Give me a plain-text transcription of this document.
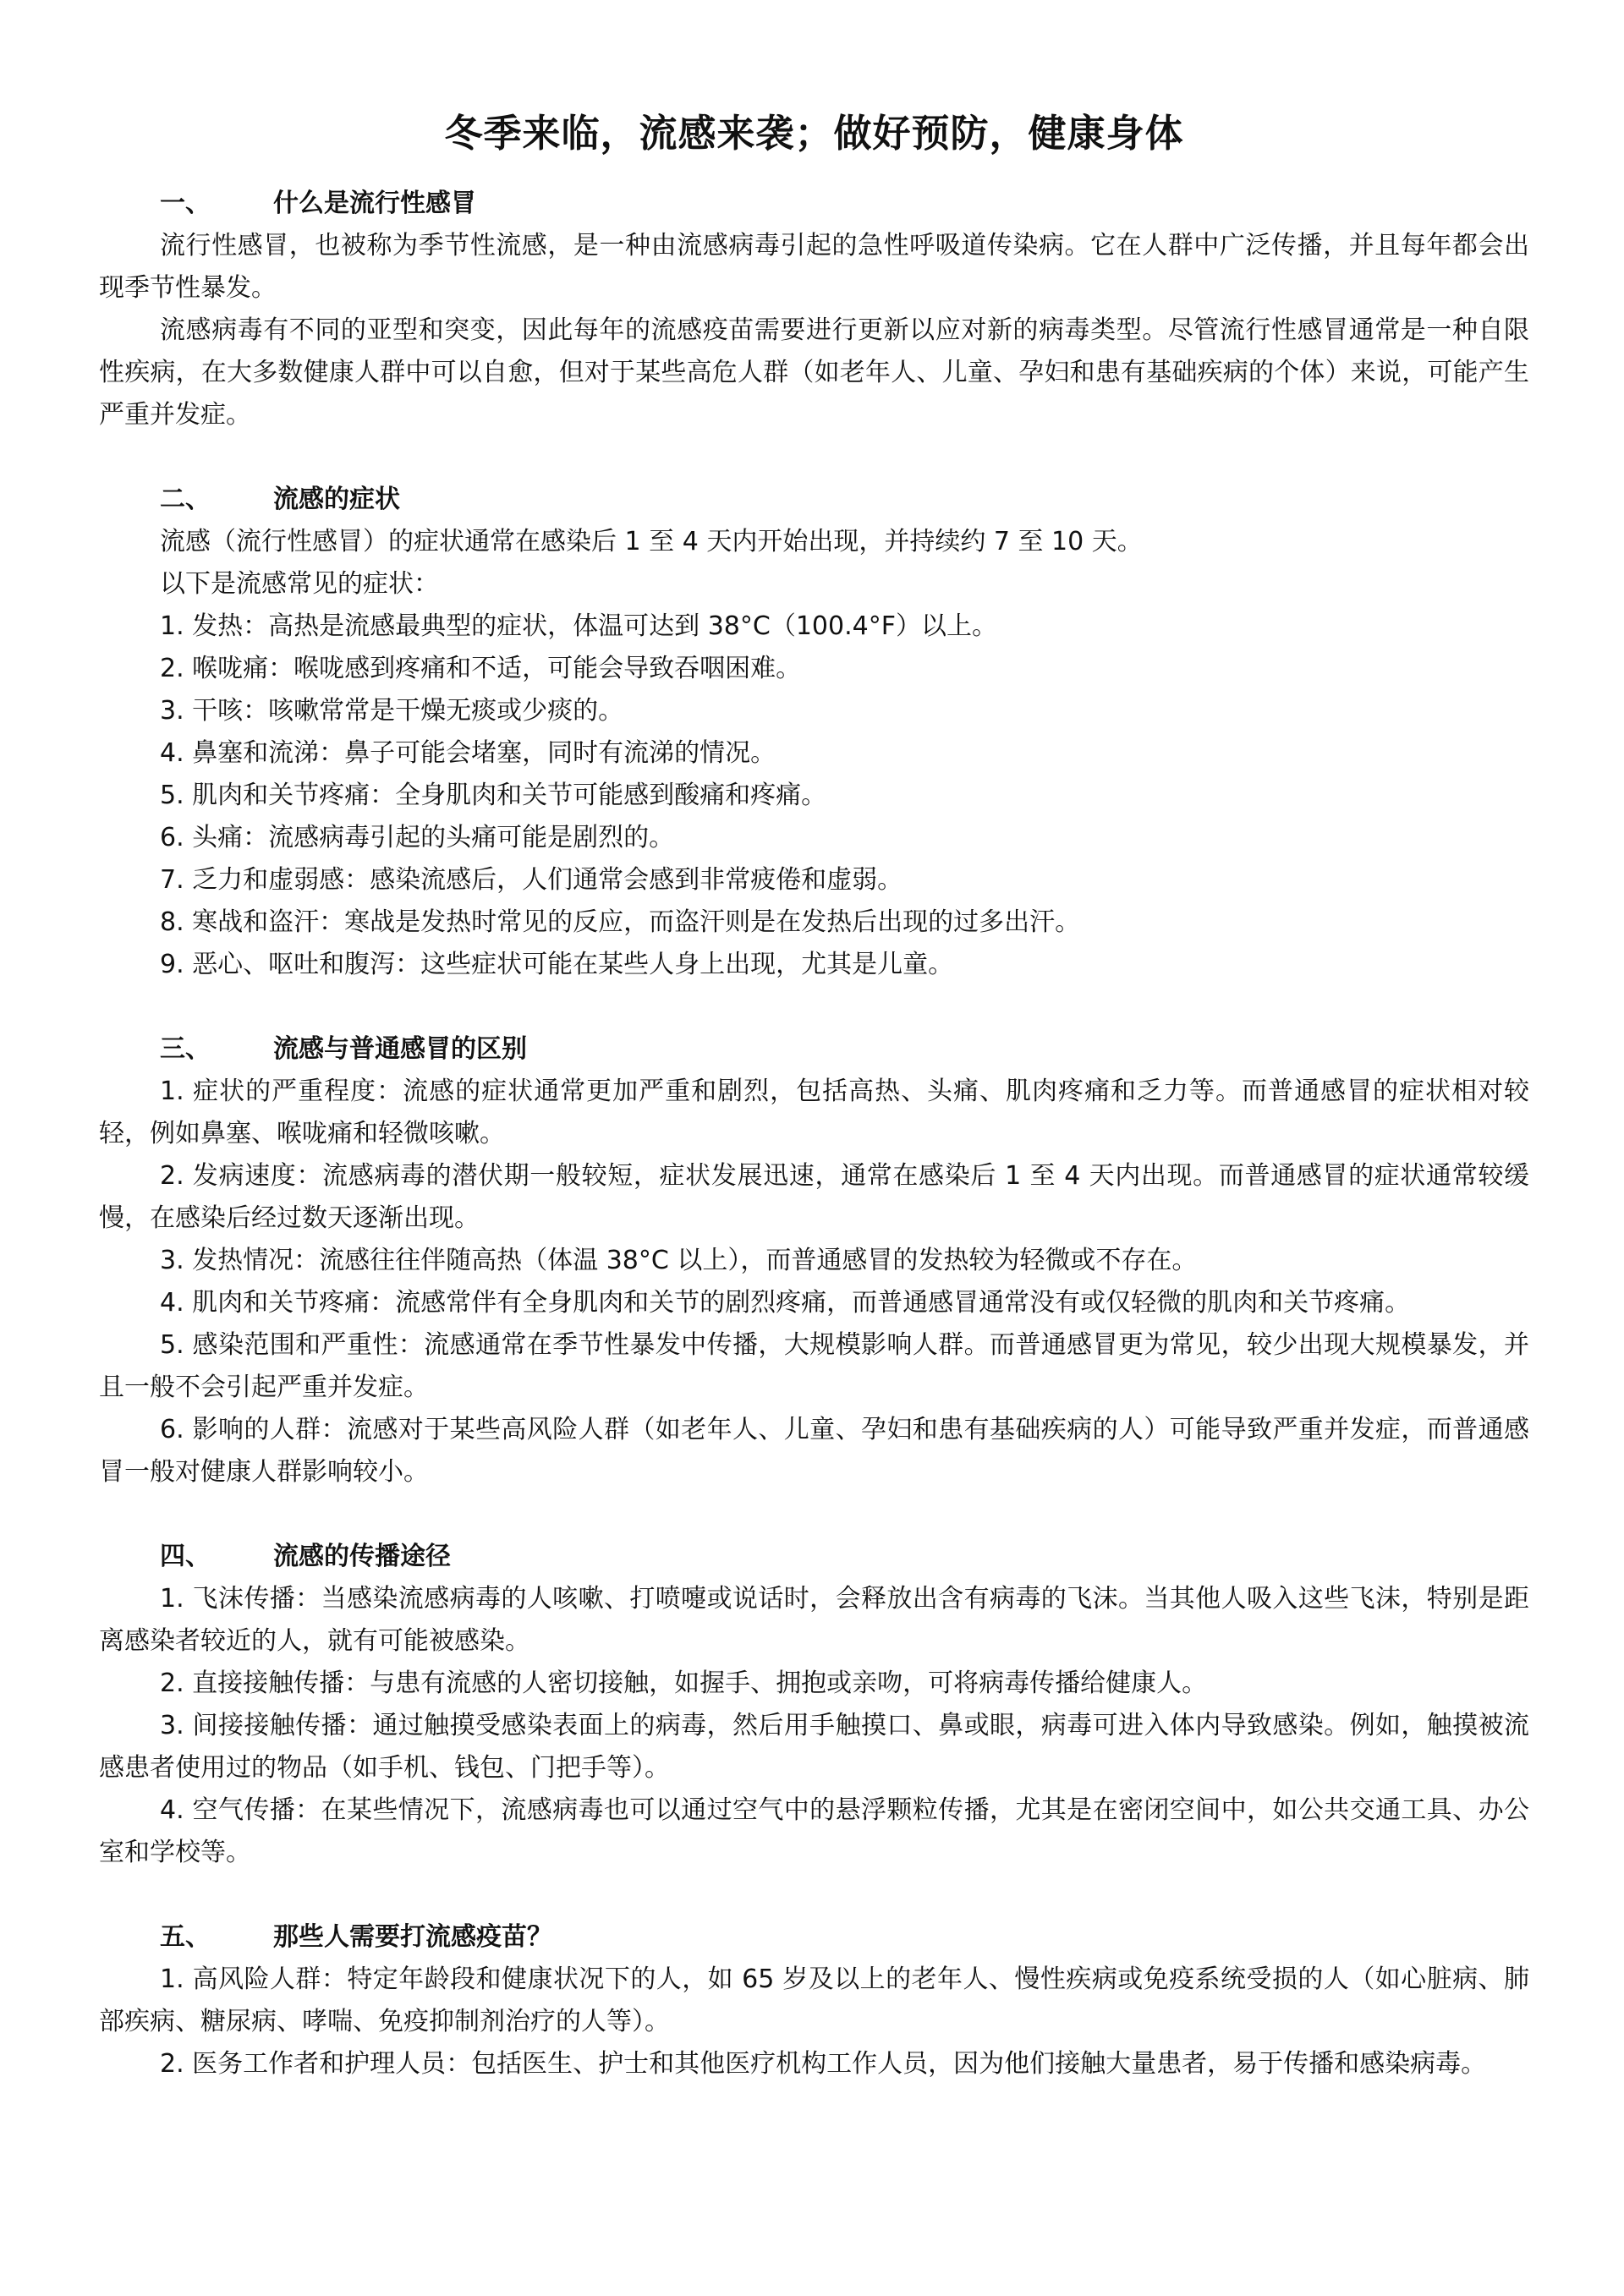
冬季来临，流感来袭；做好预防，健康身体
一、	什么是流行性感冒

流行性感冒，也被称为季节性流感，是一种由流感病毒引起的急性呼吸道传染病。它在人群中广泛传播，并且每年都会出现季节性暴发。

流感病毒有不同的亚型和突变，因此每年的流感疫苗需要进行更新以应对新的病毒类型。尽管流行性感冒通常是一种自限性疾病，在大多数健康人群中可以自愈，但对于某些高危人群（如老年人、儿童、孕妇和患有基础疾病的个体）来说，可能产生严重并发症。

二、	流感的症状

流感（流行性感冒）的症状通常在感染后 1 至 4 天内开始出现，并持续约 7 至 10 天。

以下是流感常见的症状：

1. 发热：高热是流感最典型的症状，体温可达到 38°C（100.4°F）以上。

2. 喉咙痛：喉咙感到疼痛和不适，可能会导致吞咽困难。

3. 干咳：咳嗽常常是干燥无痰或少痰的。

4. 鼻塞和流涕：鼻子可能会堵塞，同时有流涕的情况。

5. 肌肉和关节疼痛：全身肌肉和关节可能感到酸痛和疼痛。

6. 头痛：流感病毒引起的头痛可能是剧烈的。

7. 乏力和虚弱感：感染流感后，人们通常会感到非常疲倦和虚弱。

8. 寒战和盗汗：寒战是发热时常见的反应，而盗汗则是在发热后出现的过多出汗。

9. 恶心、呕吐和腹泻：这些症状可能在某些人身上出现，尤其是儿童。

三、	流感与普通感冒的区别

1. 症状的严重程度：流感的症状通常更加严重和剧烈，包括高热、头痛、肌肉疼痛和乏力等。而普通感冒的症状相对较轻，例如鼻塞、喉咙痛和轻微咳嗽。

2. 发病速度：流感病毒的潜伏期一般较短，症状发展迅速，通常在感染后 1 至 4 天内出现。而普通感冒的症状通常较缓慢，在感染后经过数天逐渐出现。

3. 发热情况：流感往往伴随高热（体温 38°C 以上），而普通感冒的发热较为轻微或不存在。

4. 肌肉和关节疼痛：流感常伴有全身肌肉和关节的剧烈疼痛，而普通感冒通常没有或仅轻微的肌肉和关节疼痛。

5. 感染范围和严重性：流感通常在季节性暴发中传播，大规模影响人群。而普通感冒更为常见，较少出现大规模暴发，并且一般不会引起严重并发症。

6. 影响的人群：流感对于某些高风险人群（如老年人、儿童、孕妇和患有基础疾病的人）可能导致严重并发症，而普通感冒一般对健康人群影响较小。

四、	流感的传播途径

1. 飞沫传播：当感染流感病毒的人咳嗽、打喷嚏或说话时，会释放出含有病毒的飞沫。当其他人吸入这些飞沫，特别是距离感染者较近的人，就有可能被感染。

2. 直接接触传播：与患有流感的人密切接触，如握手、拥抱或亲吻，可将病毒传播给健康人。

3. 间接接触传播：通过触摸受感染表面上的病毒，然后用手触摸口、鼻或眼，病毒可进入体内导致感染。例如，触摸被流感患者使用过的物品（如手机、钱包、门把手等）。

4. 空气传播：在某些情况下，流感病毒也可以通过空气中的悬浮颗粒传播，尤其是在密闭空间中，如公共交通工具、办公室和学校等。

五、	那些人需要打流感疫苗？

1. 高风险人群：特定年龄段和健康状况下的人，如 65 岁及以上的老年人、慢性疾病或免疫系统受损的人（如心脏病、肺部疾病、糖尿病、哮喘、免疫抑制剂治疗的人等）。

2. 医务工作者和护理人员：包括医生、护士和其他医疗机构工作人员，因为他们接触大量患者，易于传播和感染病毒。
